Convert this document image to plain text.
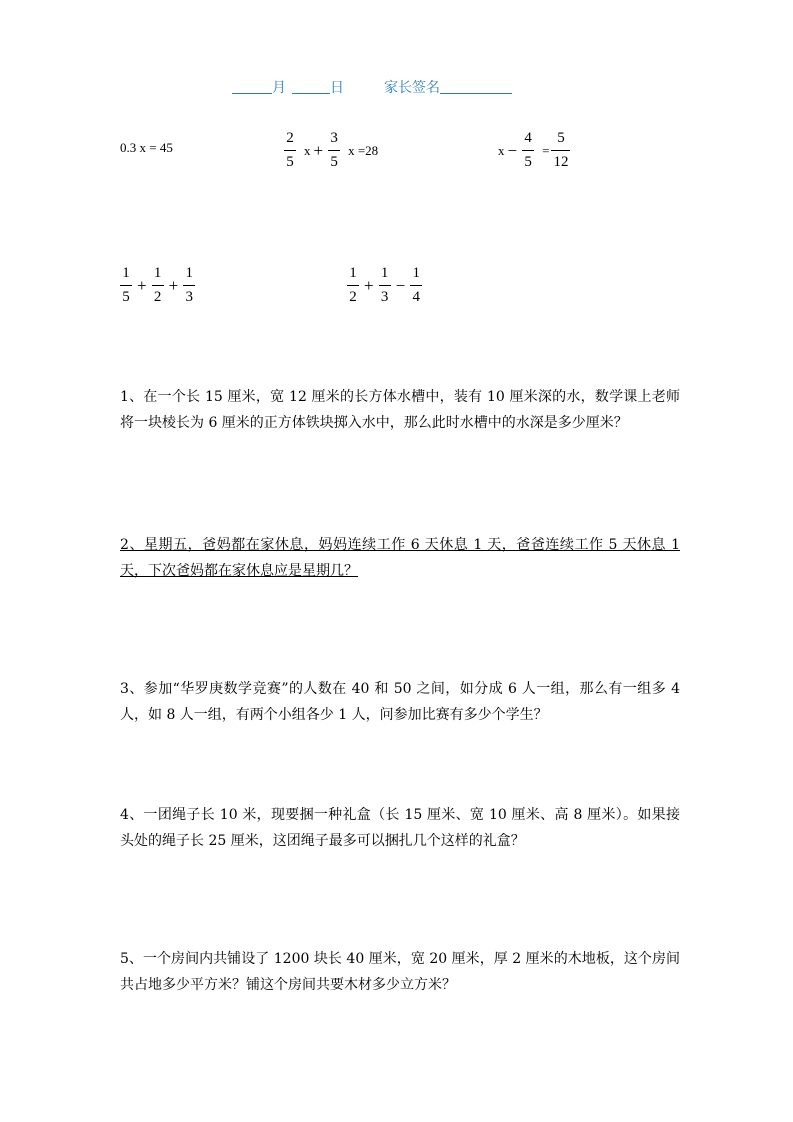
月	日	家长签名
0.3 x = 45	$\frac{2}{5}$ $x + \frac{3}{5}$ x =28	$x - \frac{4}{5} = \frac{5}{12}$
$\frac{1}{5} + \frac{1}{2} + \frac{1}{3}$	$\frac{1}{2} + \frac{1}{3} - \frac{1}{4}$
1、在一个长 15 厘米，宽 12 厘米的长方体水槽中，装有 10 厘米深的水，数学课上老师将一块棱长为 6 厘米的正方体铁块掷入水中，那么此时水槽中的水深是多少厘米？
2、星期五，爸妈都在家休息，妈妈连续工作 6 天休息 1 天，爸爸连续工作 5 天休息 1 天，下次爸妈都在家休息应是星期几？
3、参加“华罗庚数学竞赛”的人数在 40 和 50 之间，如分成 6 人一组，那么有一组多 4 人，如 8 人一组，有两个小组各少 1 人，问参加比赛有多少个学生？
4、一团绳子长 10 米，现要捆一种礼盒（长 15 厘米、宽 10 厘米、高 8 厘米）。如果接头处的绳子长 25 厘米，这团绳子最多可以捆扎几个这样的礼盒？
5、一个房间内共铺设了 1200 块长 40 厘米，宽 20 厘米，厚 2 厘米的木地板，这个房间共占地多少平方米？铺这个房间共要木材多少立方米？
